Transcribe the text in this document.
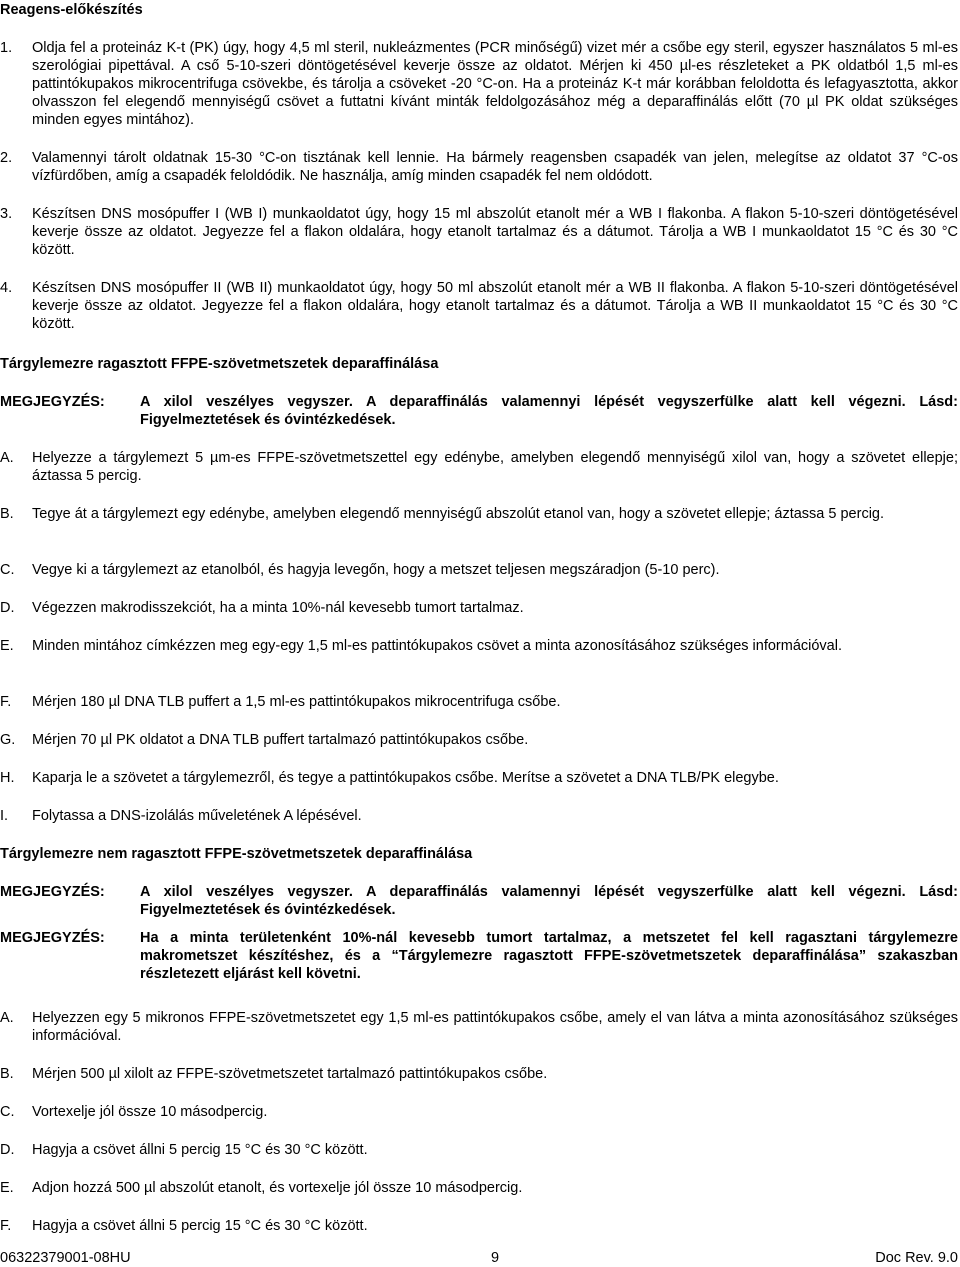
Reagens-előkészítés
1. Oldja fel a proteináz K-t (PK) úgy, hogy 4,5 ml steril, nukleázmentes (PCR minőségű) vizet mér a csőbe egy steril, egyszer használatos 5 ml-es szerológiai pipettával. A cső 5-10-szeri döntögetésével keverje össze az oldatot. Mérjen ki 450 µl-es részleteket a PK oldatból 1,5 ml-es pattintókupakos mikrocentrifuga csövekbe, és tárolja a csöveket -20 °C-on. Ha a proteináz K-t már korábban feloldotta és lefagyasztotta, akkor olvasszon fel elegendő mennyiségű csövet a futtatni kívánt minták feldolgozásához még a deparaffinálás előtt (70 µl PK oldat szükséges minden egyes mintához).
2. Valamennyi tárolt oldatnak 15-30 °C-on tisztának kell lennie. Ha bármely reagensben csapadék van jelen, melegítse az oldatot 37 °C-os vízfürdőben, amíg a csapadék feloldódik. Ne használja, amíg minden csapadék fel nem oldódott.
3. Készítsen DNS mosópuffer I (WB I) munkaoldatot úgy, hogy 15 ml abszolút etanolt mér a WB I flakonba. A flakon 5-10-szeri döntögetésével keverje össze az oldatot. Jegyezze fel a flakon oldalára, hogy etanolt tartalmaz és a dátumot. Tárolja a WB I munkaoldatot 15 °C és 30 °C között.
4. Készítsen DNS mosópuffer II (WB II) munkaoldatot úgy, hogy 50 ml abszolút etanolt mér a WB II flakonba. A flakon 5-10-szeri döntögetésével keverje össze az oldatot. Jegyezze fel a flakon oldalára, hogy etanolt tartalmaz és a dátumot. Tárolja a WB II munkaoldatot 15 °C és 30 °C között.
Tárgylemezre ragasztott FFPE-szövetmetszetek deparaffinálása
MEGJEGYZÉS: A xilol veszélyes vegyszer. A deparaffinálás valamennyi lépését vegyszerfülke alatt kell végezni. Lásd: Figyelmeztetések és óvintézkedések.
A. Helyezze a tárgylemezt 5 µm-es FFPE-szövetmetszettel egy edénybe, amelyben elegendő mennyiségű xilol van, hogy a szövetet ellepje; áztassa 5 percig.
B. Tegye át a tárgylemezt egy edénybe, amelyben elegendő mennyiségű abszolút etanol van, hogy a szövetet ellepje; áztassa 5 percig.
C. Vegye ki a tárgylemezt az etanolból, és hagyja levegőn, hogy a metszet teljesen megszáradjon (5-10 perc).
D. Végezzen makrodisszekciót, ha a minta 10%-nál kevesebb tumort tartalmaz.
E. Minden mintához címkézzen meg egy-egy 1,5 ml-es pattintókupakos csövet a minta azonosításához szükséges információval.
F. Mérjen 180 µl DNA TLB puffert a 1,5 ml-es pattintókupakos mikrocentrifuga csőbe.
G. Mérjen 70 µl PK oldatot a DNA TLB puffert tartalmazó pattintókupakos csőbe.
H. Kaparja le a szövetet a tárgylemezről, és tegye a pattintókupakos csőbe. Merítse a szövetet a DNA TLB/PK elegybe.
I. Folytassa a DNS-izolálás műveletének A lépésével.
Tárgylemezre nem ragasztott FFPE-szövetmetszetek deparaffinálása
MEGJEGYZÉS: A xilol veszélyes vegyszer. A deparaffinálás valamennyi lépését vegyszerfülke alatt kell végezni. Lásd: Figyelmeztetések és óvintézkedések.
MEGJEGYZÉS: Ha a minta területenként 10%-nál kevesebb tumort tartalmaz, a metszetet fel kell ragasztani tárgylemezre makrometszet készítéshez, és a “Tárgylemezre ragasztott FFPE-szövetmetszetek deparaffinálása” szakaszban részletezett eljárást kell követni.
A. Helyezzen egy 5 mikronos FFPE-szövetmetszetet egy 1,5 ml-es pattintókupakos csőbe, amely el van látva a minta azonosításához szükséges információval.
B. Mérjen 500 µl xilolt az FFPE-szövetmetszetet tartalmazó pattintókupakos csőbe.
C. Vortexelje jól össze 10 másodpercig.
D. Hagyja a csövet állni 5 percig 15 °C és 30 °C között.
E. Adjon hozzá 500 µl abszolút etanolt, és vortexelje jól össze 10 másodpercig.
F. Hagyja a csövet állni 5 percig 15 °C és 30 °C között.
06322379001-08HU	9	Doc Rev. 9.0
